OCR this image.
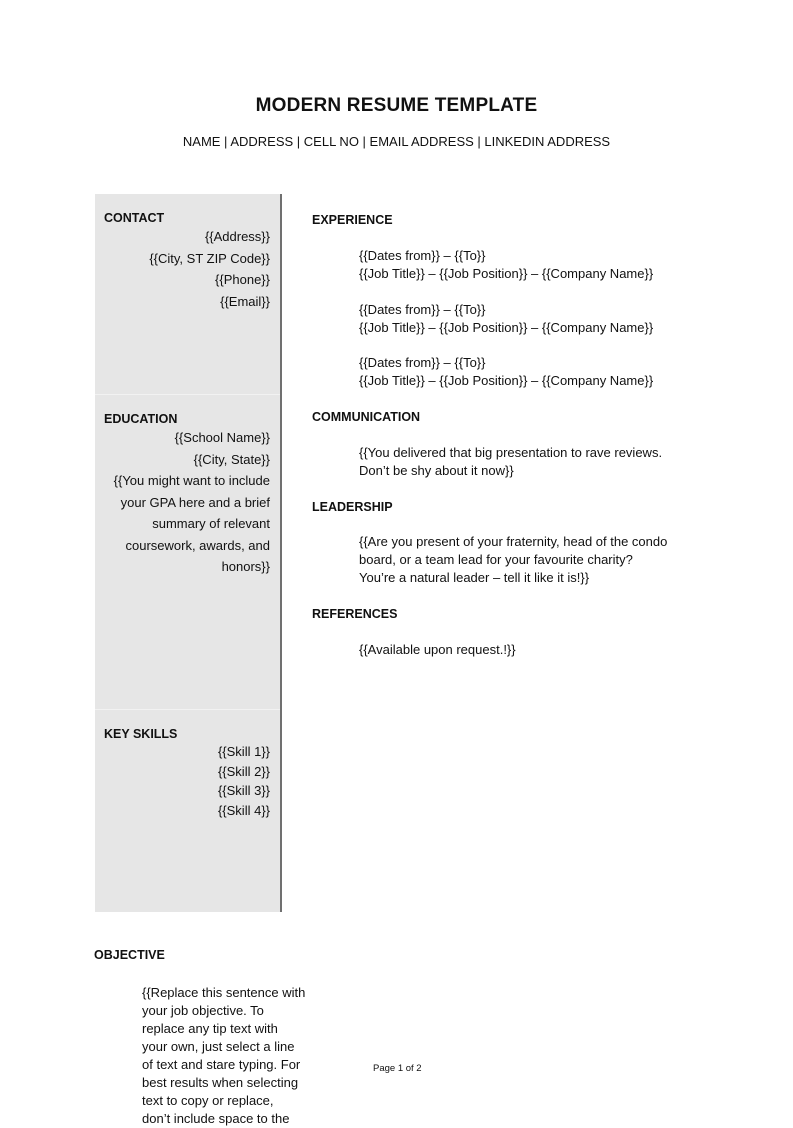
MODERN RESUME TEMPLATE
NAME | ADDRESS | CELL NO | EMAIL ADDRESS | LINKEDIN ADDRESS
CONTACT
{{Address}}
{{City, ST ZIP Code}}
{{Phone}}
{{Email}}
EDUCATION
{{School Name}}
{{City, State}}
{{You might want to include
your GPA here and a brief
summary of relevant
coursework, awards, and
honors}}
KEY SKILLS
{{Skill 1}}
{{Skill 2}}
{{Skill 3}}
{{Skill 4}}
EXPERIENCE
{{Dates from}} – {{To}}
{{Job Title}} – {{Job Position}} – {{Company Name}}
{{Dates from}} – {{To}}
{{Job Title}} – {{Job Position}} – {{Company Name}}
{{Dates from}} – {{To}}
{{Job Title}} – {{Job Position}} – {{Company Name}}
COMMUNICATION
{{You delivered that big presentation to rave reviews.
Don’t be shy about it now}}
LEADERSHIP
{{Are you present of your fraternity, head of the condo
board, or a team lead for your favourite charity?
You’re a natural leader – tell it like it is!}}
REFERENCES
{{Available upon request.!}}
OBJECTIVE
{{Replace this sentence with
your job objective. To
replace any tip text with
your own, just select a line
of text and stare typing. For
best results when selecting
text to copy or replace,
don’t include space to the
Page 1 of 2
